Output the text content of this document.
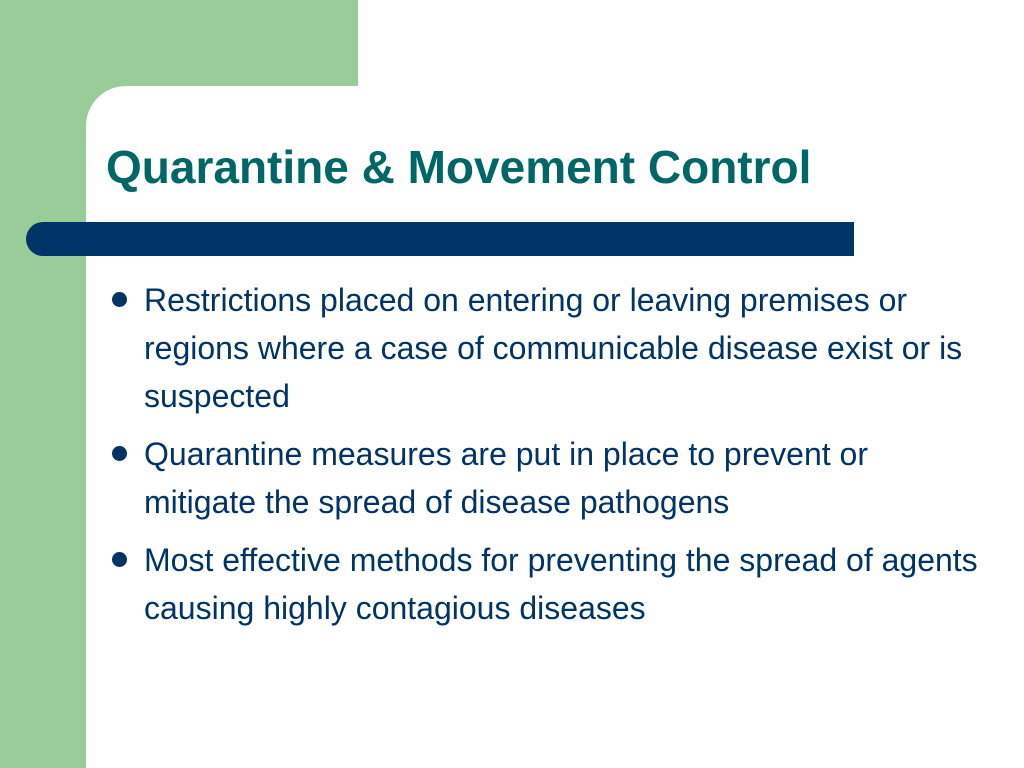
Quarantine & Movement Control
Restrictions placed on entering or leaving premises or regions where a case of communicable disease exist or is suspected
Quarantine measures are put in place to prevent or mitigate the spread of disease pathogens
Most effective methods for preventing the spread of agents causing highly contagious diseases
